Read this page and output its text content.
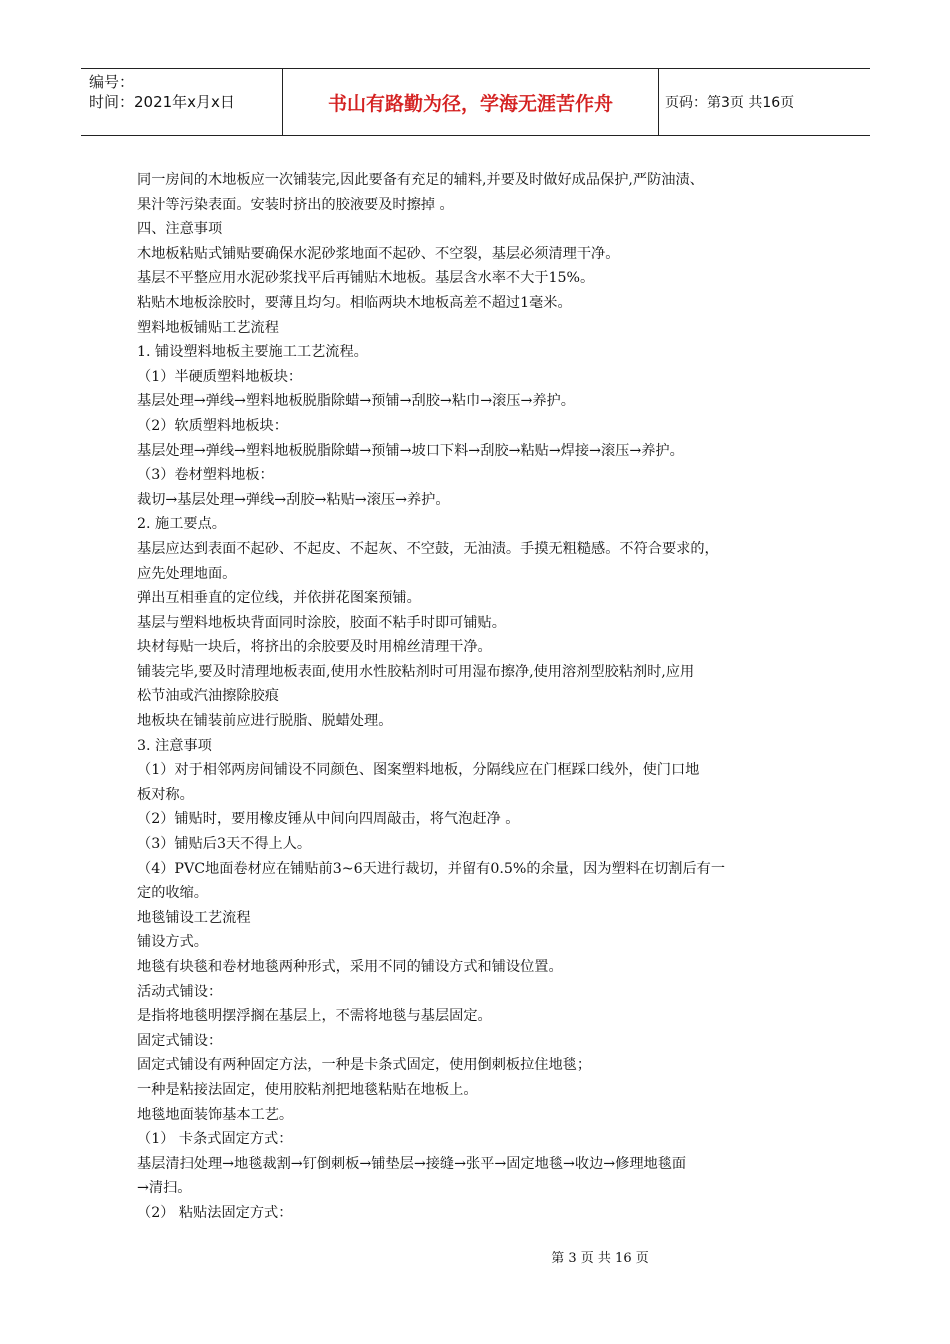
编号：
时间：2021年x月x日	书山有路勤为径，学海无涯苦作舟	页码：第3页 共16页

同一房间的木地板应一次铺装完,因此要备有充足的辅料,并要及时做好成品保护,严防油渍、

果汁等污染表面。安装时挤出的胶液要及时擦掉 。

四、注意事项

木地板粘贴式铺贴要确保水泥砂浆地面不起砂、不空裂，基层必须清理干净。

基层不平整应用水泥砂浆找平后再铺贴木地板。基层含水率不大于15%。

粘贴木地板涂胶时，要薄且均匀。相临两块木地板高差不超过1毫米。

塑料地板铺贴工艺流程

1. 铺设塑料地板主要施工工艺流程。

（1）半硬质塑料地板块：

基层处理→弹线→塑料地板脱脂除蜡→预铺→刮胶→粘巾→滚压→养护。

（2）软质塑料地板块：

基层处理→弹线→塑料地板脱脂除蜡→预铺→坡口下料→刮胶→粘贴→焊接→滚压→养护。

（3）卷材塑料地板：

裁切→基层处理→弹线→刮胶→粘贴→滚压→养护。

2. 施工要点。

基层应达到表面不起砂、不起皮、不起灰、不空鼓，无油渍。手摸无粗糙感。不符合要求的，

应先处理地面。

弹出互相垂直的定位线，并依拼花图案预铺。

基层与塑料地板块背面同时涂胶，胶面不粘手时即可铺贴。

块材每贴一块后，将挤出的余胶要及时用棉丝清理干净。

铺装完毕,要及时清理地板表面,使用水性胶粘剂时可用湿布擦净,使用溶剂型胶粘剂时,应用

松节油或汽油擦除胶痕

地板块在铺装前应进行脱脂、脱蜡处理。

3. 注意事项

（1）对于相邻两房间铺设不同颜色、图案塑料地板，分隔线应在门框踩口线外，使门口地

板对称。

（2）铺贴时，要用橡皮锤从中间向四周敲击，将气泡赶净 。

（3）铺贴后3天不得上人。

（4）PVC地面卷材应在铺贴前3~6天进行裁切，并留有0.5%的余量，因为塑料在切割后有一

定的收缩。

地毯铺设工艺流程

铺设方式。

地毯有块毯和卷材地毯两种形式，采用不同的铺设方式和铺设位置。

活动式铺设：

是指将地毯明摆浮搁在基层上，不需将地毯与基层固定。

固定式铺设：

固定式铺设有两种固定方法，一种是卡条式固定，使用倒刺板拉住地毯；

一种是粘接法固定，使用胶粘剂把地毯粘贴在地板上。

地毯地面装饰基本工艺。

（1） 卡条式固定方式：

基层清扫处理→地毯裁割→钉倒刺板→铺垫层→接缝→张平→固定地毯→收边→修理地毯面

→清扫。

（2） 粘贴法固定方式：

第 3 页 共 16 页
